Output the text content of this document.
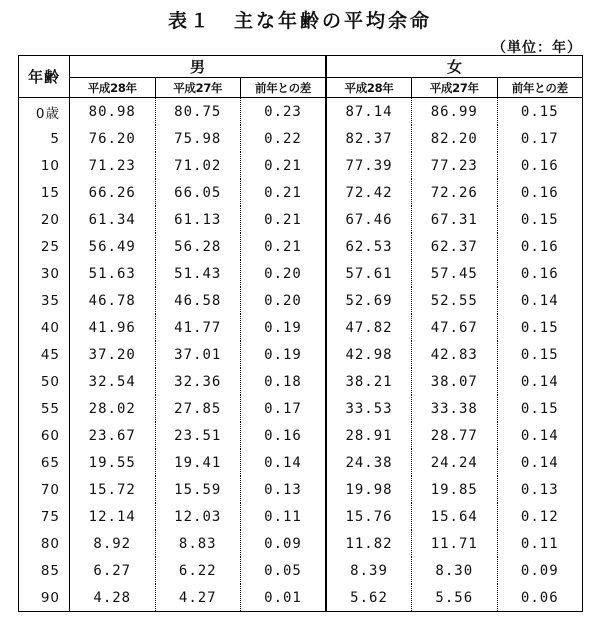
表１　主な年齢の平均余命
（単位：年）
年齢	男			女		
	平成28年	平成27年	前年との差	平成28年	平成27年	前年との差
0歳	80.98	80.75	0.23	87.14	86.99	0.15
5	76.20	75.98	0.22	82.37	82.20	0.17
10	71.23	71.02	0.21	77.39	77.23	0.16
15	66.26	66.05	0.21	72.42	72.26	0.16
20	61.34	61.13	0.21	67.46	67.31	0.15
25	56.49	56.28	0.21	62.53	62.37	0.16
30	51.63	51.43	0.20	57.61	57.45	0.16
35	46.78	46.58	0.20	52.69	52.55	0.14
40	41.96	41.77	0.19	47.82	47.67	0.15
45	37.20	37.01	0.19	42.98	42.83	0.15
50	32.54	32.36	0.18	38.21	38.07	0.14
55	28.02	27.85	0.17	33.53	33.38	0.15
60	23.67	23.51	0.16	28.91	28.77	0.14
65	19.55	19.41	0.14	24.38	24.24	0.14
70	15.72	15.59	0.13	19.98	19.85	0.13
75	12.14	12.03	0.11	15.76	15.64	0.12
80	8.92	8.83	0.09	11.82	11.71	0.11
85	6.27	6.22	0.05	8.39	8.30	0.09
90	4.28	4.27	0.01	5.62	5.56	0.06
